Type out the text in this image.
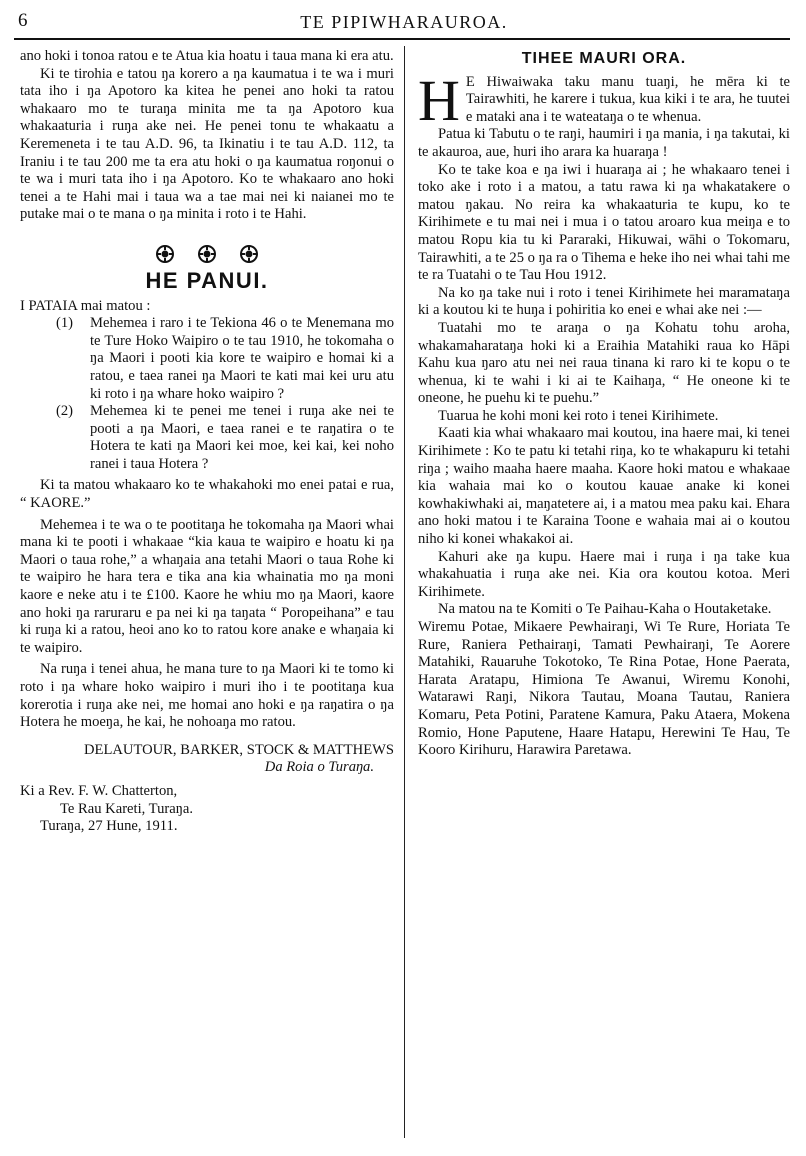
6	TE PIPIWHARAUROA.

ano hoki i tonoa ratou e te Atua kia hoatu i taua mana ki era atu.

Ki te tirohia e tatou ŋa korero a ŋa kaumatua i te wa i muri tata iho i ŋa Apotoro ka kitea he penei ano hoki ta ratou whakaaro mo te turaŋa minita me ta ŋa Apotoro kua whakaaturia i ruŋa ake nei. He penei tonu te whakaatu a Keremeneta i te tau A.D. 96, ta Ikinatiu i te tau A.D. 112, ta Iraniu i te tau 200 me ta era atu hoki o ŋa kaumatua roŋonui o te wa i muri tata iho i ŋa Apotoro. Ko te whakaaro ano hoki tenei a te Hahi mai i taua wa a tae mai nei ki naianei mo te putake mai o te mana o ŋa minita i roto i te Hahi.

HE PANUI.

I PATAIA mai matou :

(1)	Mehemea i raro i te Tekiona 46 o te Menemana mo te Ture Hoko Waipiro o te tau 1910, he tokomaha o ŋa Maori i pooti kia kore te waipiro e homai ki a ratou, e taea ranei ŋa Maori te kati mai kei uru atu ki roto i ŋa whare hoko waipiro ?
(2)	Mehemea ki te penei me tenei i ruŋa ake nei te pooti a ŋa Maori, e taea ranei e te raŋatira o te Hotera te kati ŋa Maori kei moe, kei kai, kei noho ranei i taua Hotera ?

Ki ta matou whakaaro ko te whakahoki mo enei patai e rua, “ KAORE.”

Mehemea i te wa o te pootitaŋa he tokomaha ŋa Maori whai mana ki te pooti i whakaae “kia kaua te waipiro e hoatu ki ŋa Maori o taua rohe,” a whaŋaia ana tetahi Maori o taua Rohe ki te waipiro he hara tera e tika ana kia whainatia mo ŋa moni kaore e neke atu i te £100. Kaore he whiu mo ŋa Maori, kaore ano hoki ŋa raruraru e pa nei ki ŋa taŋata “ Poropeihana” e tau ki ruŋa ki a ratou, heoi ano ko to ratou kore anake e whaŋaia ki te waipiro.

Na ruŋa i tenei ahua, he mana ture to ŋa Maori ki te tomo ki roto i ŋa whare hoko waipiro i muri iho i te pootitaŋa kua korerotia i ruŋa ake nei, me homai ano hoki e ŋa raŋatira o ŋa Hotera he moeŋa, he kai, he nohoaŋa mo ratou.

DELAUTOUR, BARKER, STOCK & MATTHEWS
Da Roia o Turaŋa.
Ki a Rev. F. W. Chatterton,
Te Rau Kareti, Turaŋa.
Turaŋa, 27 Hune, 1911.
TIHEE MAURI ORA.

H E Hiwaiwaka taku manu tuaŋi, he mēra ki te Tairawhiti, he karere i tukua, kua kiki i te ara, he tuutei e mataki ana i te wateataŋa o te whenua.

Patua ki Tabutu o te raŋi, haumiri i ŋa mania, i ŋa takutai, ki te akauroa, aue, huri iho arara ka huaraŋa !

Ko te take koa e ŋa iwi i huaraŋa ai ; he whakaaro tenei i toko ake i roto i a matou, a tatu rawa ki ŋa whakatakere o matou ŋakau. No reira ka whakaaturia te kupu, ko te Kirihimete e tu mai nei i mua i o tatou aroaro kua meiŋa e to matou Ropu kia tu ki Pararaki, Hikuwai, wāhi o Tokomaru, Tairawhiti, a te 25 o ŋa ra o Tihema e heke iho nei whai tahi me te ra Tuatahi o te Tau Hou 1912.

Na ko ŋa take nui i roto i tenei Kirihimete hei maramataŋa ki a koutou ki te huŋa i pohiritia ko enei e whai ake nei :—

Tuatahi mo te araŋa o ŋa Kohatu tohu aroha, whakamaharataŋa hoki ki a Eraihia Matahiki raua ko Hāpi Kahu kua ŋaro atu nei nei raua tinana ki raro ki te kopu o te whenua, ki te wahi i ki ai te Kaihaŋa, “ He oneone ki te oneone, he puehu ki te puehu.”

Tuarua he kohi moni kei roto i tenei Kirihimete.

Kaati kia whai whakaaro mai koutou, ina haere mai, ki tenei Kirihimete : Ko te patu ki tetahi riŋa, ko te whakapuru ki tetahi riŋa ; waiho maaha haere maaha. Kaore hoki matou e whakaae kia wahaia mai ko o koutou kauae anake ki konei kowhakiwhaki ai, maŋatetere ai, i a matou mea paku kai. Ehara ano hoki matou i te Karaina Toone e wahaia mai ai o koutou niho ki konei whakakoi ai.

Kahuri ake ŋa kupu. Haere mai i ruŋa i ŋa take kua whakahuatia i ruŋa ake nei. Kia ora koutou kotoa. Meri Kirihimete.

Na matou na te Komiti o Te Paihau-Kaha o Houtaketake.

Wiremu Potae, Mikaere Pewhairaŋi, Wi Te Rure, Horiata Te Rure, Raniera Pethairaŋi, Tamati Pewhairaŋi, Te Aorere Matahiki, Rauaruhe Tokotoko, Te Rina Potae, Hone Paerata, Harata Aratapu, Himiona Te Awanui, Wiremu Konohi, Watarawi Raŋi, Nikora Tautau, Moana Tautau, Raniera Komaru, Peta Potini, Paratene Kamura, Paku Ataera, Mokena Romio, Hone Paputene, Haare Hatapu, Herewini Te Hau, Te Kooro Kirihuru, Harawira Paretawa.
